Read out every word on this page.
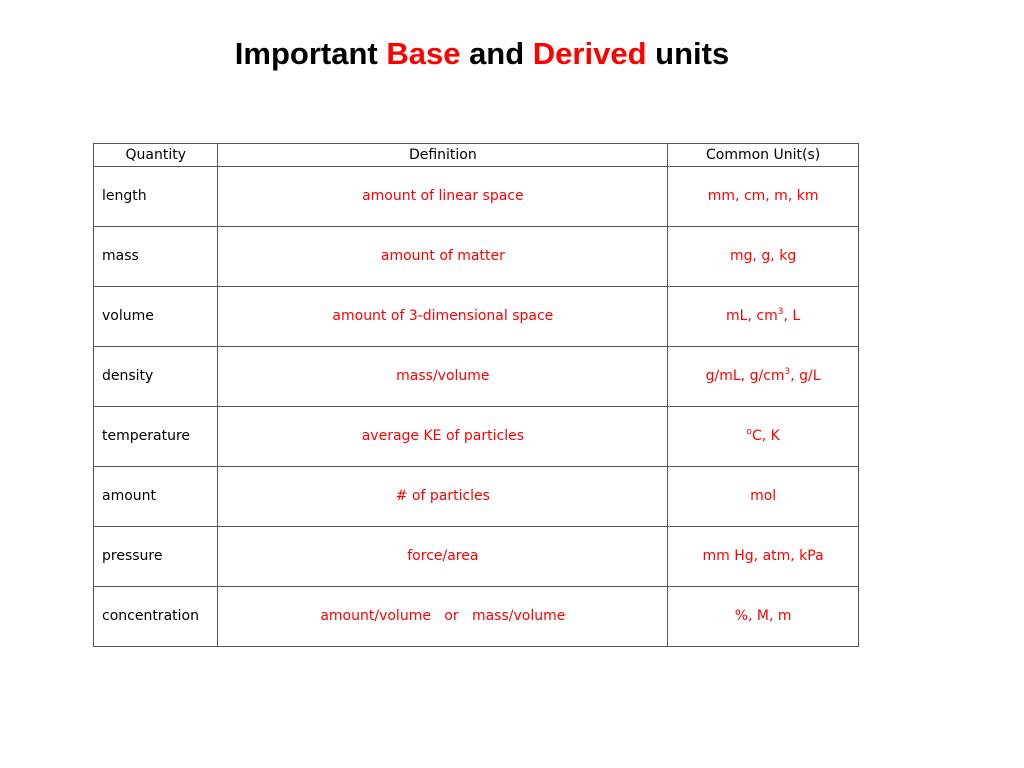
Important Base and Derived units
Quantity	Definition	Common Unit(s)

length	amount of linear space	mm, cm, m, km

mass	amount of matter	mg, g, kg

volume	amount of 3-dimensional space	mL, $cm^3$, L

density	mass/volume	g/mL, $g/cm^3$, g/L

temperature	average KE of particles	$^o$C, K

amount	# of particles	mol

pressure	force/area	mm Hg, atm, kPa

concentration	amount/volume   or   mass/volume	%, M, m
